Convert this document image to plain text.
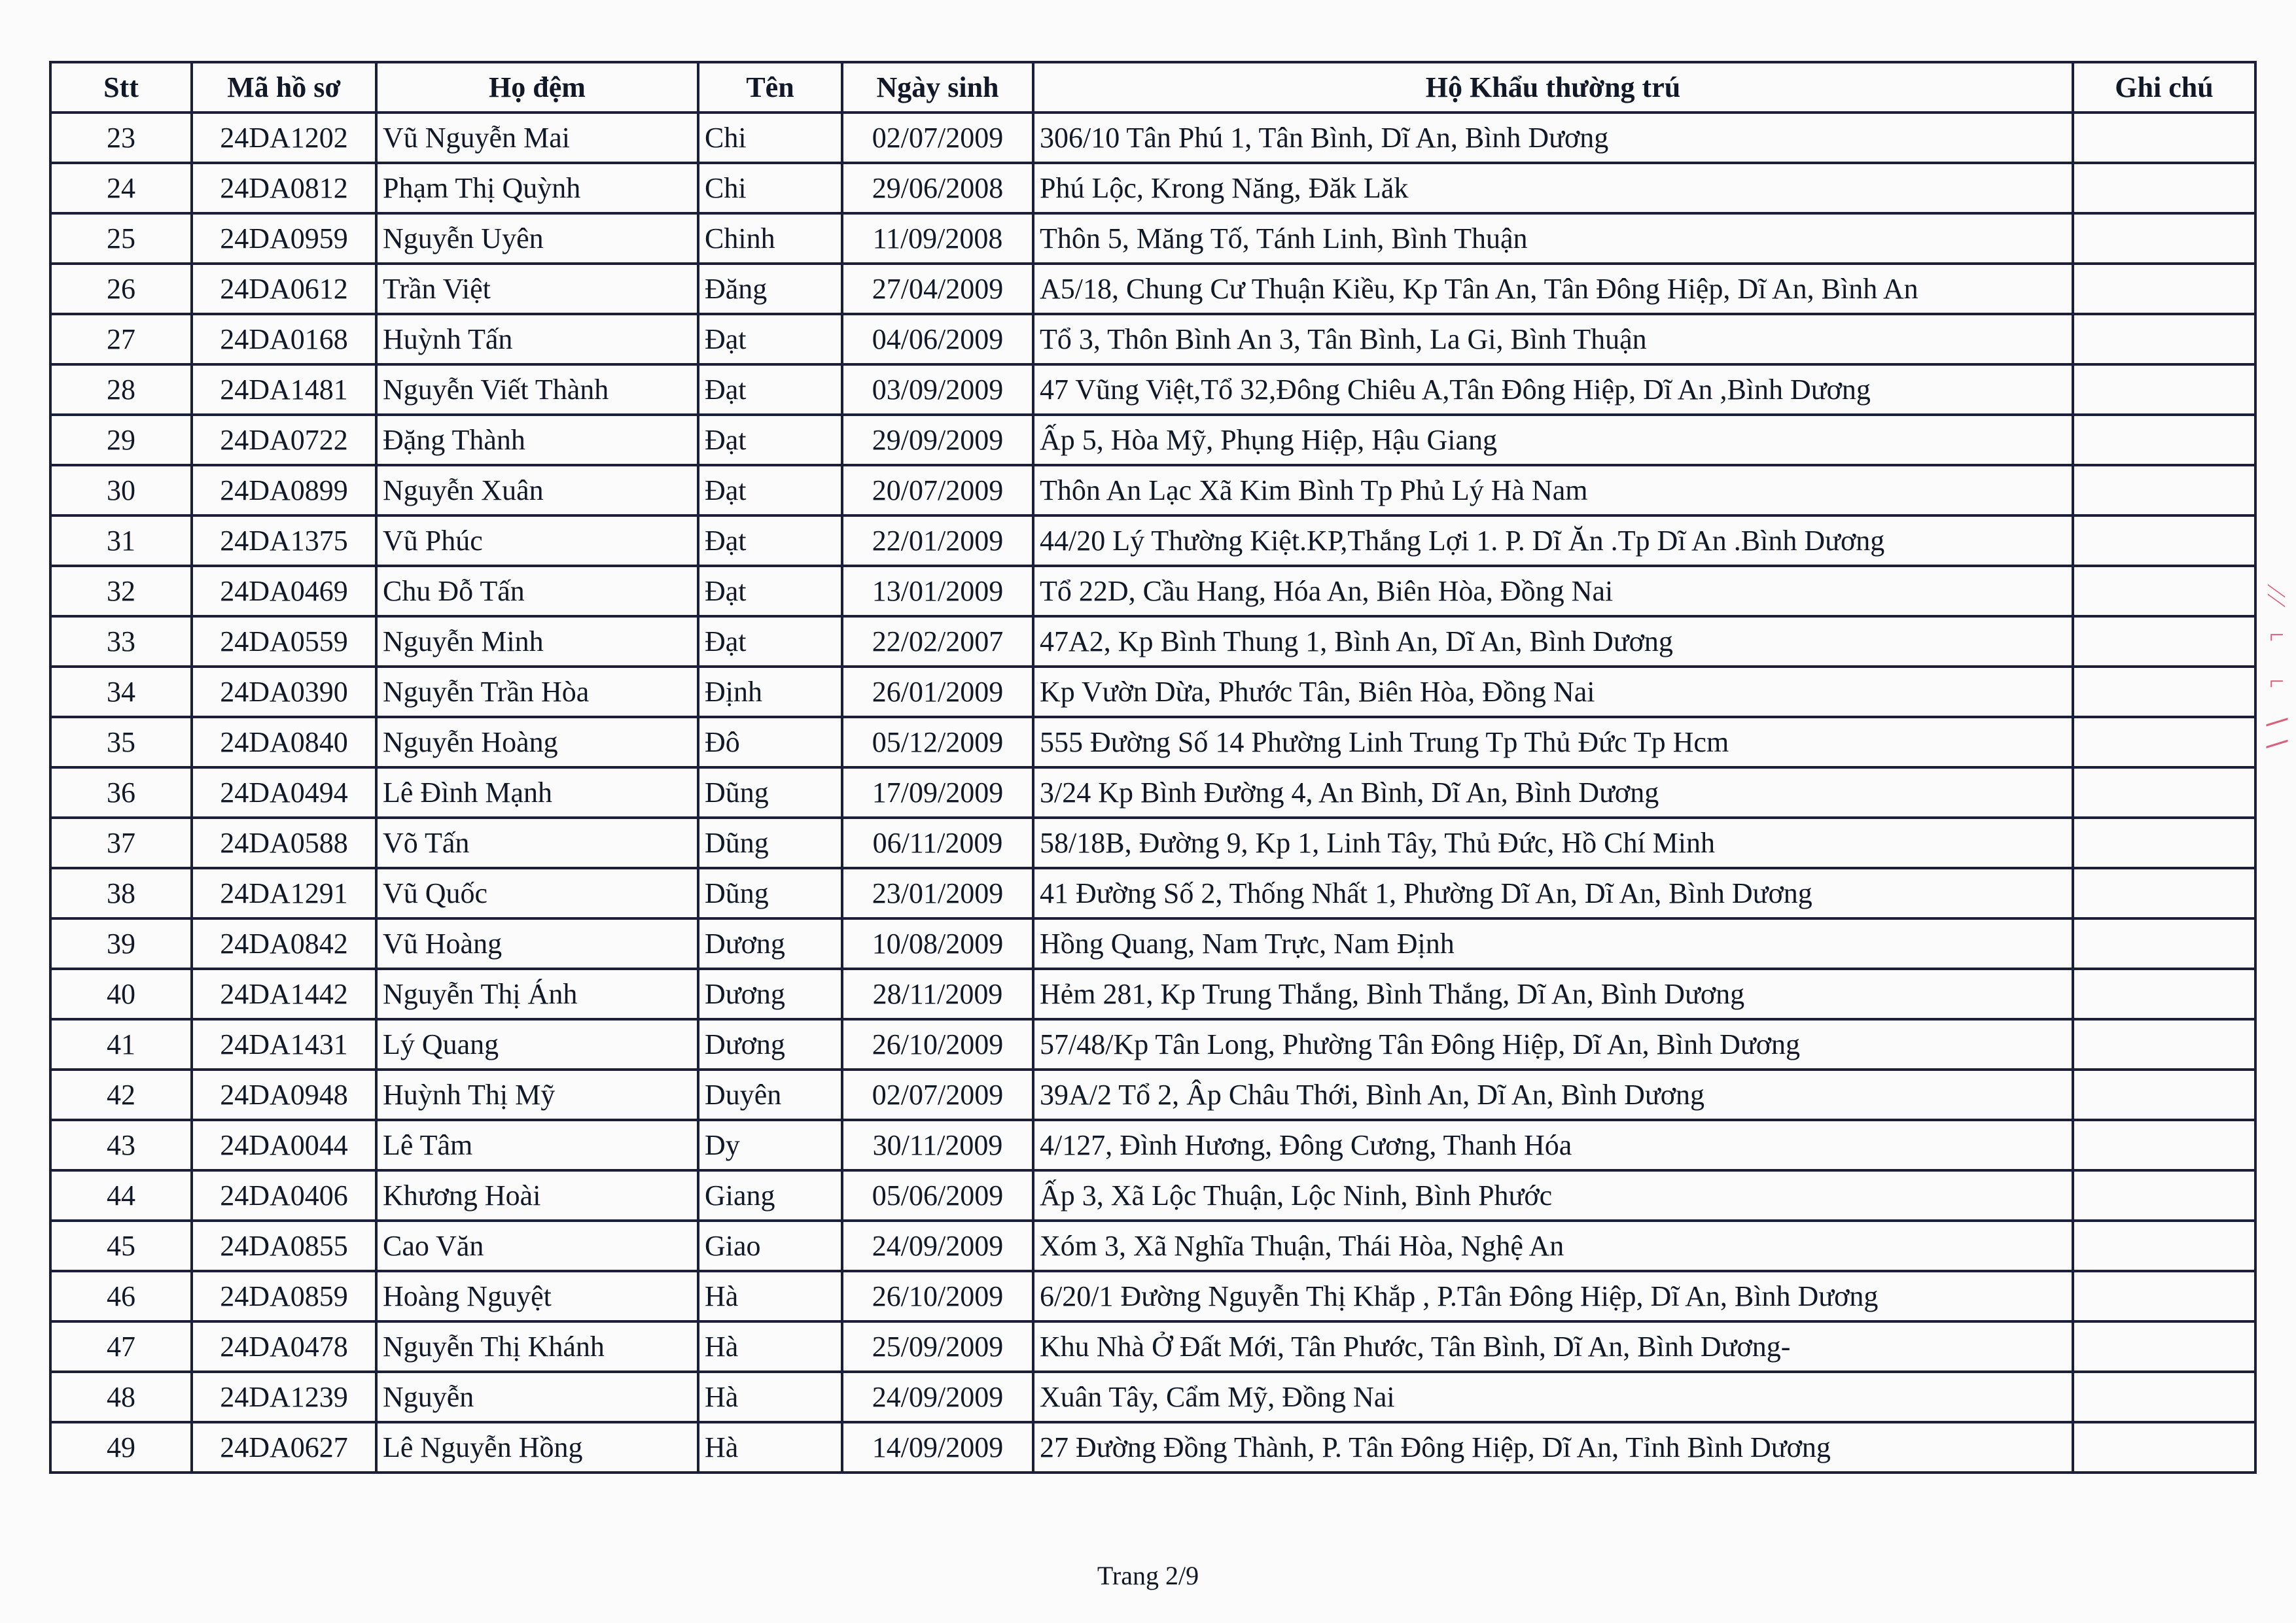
Stt	Mã hồ sơ	Họ đệm	Tên	Ngày sinh	Hộ Khẩu thường trú	Ghi chú
23	24DA1202	Vũ Nguyễn Mai	Chi	02/07/2009	306/10 Tân Phú 1, Tân Bình, Dĩ An, Bình Dương	
24	24DA0812	Phạm Thị Quỳnh	Chi	29/06/2008	Phú Lộc, Krong Năng, Đăk Lăk	
25	24DA0959	Nguyễn Uyên	Chinh	11/09/2008	Thôn 5, Măng Tố, Tánh Linh, Bình Thuận	
26	24DA0612	Trần Việt	Đăng	27/04/2009	A5/18, Chung Cư Thuận Kiều, Kp Tân An, Tân Đông Hiệp, Dĩ An, Bình An	
27	24DA0168	Huỳnh Tấn	Đạt	04/06/2009	Tổ 3, Thôn Bình An 3, Tân Bình, La Gi, Bình Thuận	
28	24DA1481	Nguyễn Viết Thành	Đạt	03/09/2009	47 Vũng Việt,Tổ 32,Đông Chiêu A,Tân Đông Hiệp, Dĩ An ,Bình Dương	
29	24DA0722	Đặng Thành	Đạt	29/09/2009	Ấp 5, Hòa Mỹ, Phụng Hiệp, Hậu Giang	
30	24DA0899	Nguyễn Xuân	Đạt	20/07/2009	Thôn An Lạc Xã Kim Bình Tp Phủ Lý Hà Nam	
31	24DA1375	Vũ Phúc	Đạt	22/01/2009	44/20 Lý Thường Kiệt.KP,Thắng Lợi 1. P. Dĩ Ăn .Tp Dĩ An .Bình Dương	
32	24DA0469	Chu Đỗ Tấn	Đạt	13/01/2009	Tổ 22D, Cầu Hang, Hóa An, Biên Hòa, Đồng Nai	
33	24DA0559	Nguyễn Minh	Đạt	22/02/2007	47A2, Kp Bình Thung 1, Bình An, Dĩ An, Bình Dương	
34	24DA0390	Nguyễn Trần Hòa	Định	26/01/2009	Kp Vườn Dừa, Phước Tân, Biên Hòa, Đồng Nai	
35	24DA0840	Nguyễn Hoàng	Đô	05/12/2009	555 Đường Số 14 Phường Linh Trung Tp Thủ Đức Tp Hcm	
36	24DA0494	Lê Đình Mạnh	Dũng	17/09/2009	3/24 Kp Bình Đường 4, An Bình, Dĩ An, Bình Dương	
37	24DA0588	Võ Tấn	Dũng	06/11/2009	58/18B, Đường 9, Kp 1, Linh Tây, Thủ Đức, Hồ Chí Minh	
38	24DA1291	Vũ Quốc	Dũng	23/01/2009	41 Đường Số 2, Thống Nhất 1, Phường Dĩ An, Dĩ An, Bình Dương	
39	24DA0842	Vũ Hoàng	Dương	10/08/2009	Hồng Quang, Nam Trực, Nam Định	
40	24DA1442	Nguyễn Thị Ánh	Dương	28/11/2009	Hẻm 281, Kp Trung Thắng, Bình Thắng, Dĩ An, Bình Dương	
41	24DA1431	Lý Quang	Dương	26/10/2009	57/48/Kp Tân Long, Phường Tân Đông Hiệp, Dĩ An, Bình Dương	
42	24DA0948	Huỳnh Thị Mỹ	Duyên	02/07/2009	39A/2 Tổ 2, Âp Châu Thới, Bình An, Dĩ An, Bình Dương	
43	24DA0044	Lê Tâm	Dy	30/11/2009	4/127, Đình Hương, Đông Cương, Thanh Hóa	
44	24DA0406	Khương Hoài	Giang	05/06/2009	Ấp 3, Xã Lộc Thuận, Lộc Ninh, Bình Phước	
45	24DA0855	Cao Văn	Giao	24/09/2009	Xóm 3, Xã Nghĩa Thuận, Thái Hòa, Nghệ An	
46	24DA0859	Hoàng Nguyệt	Hà	26/10/2009	6/20/1 Đường Nguyễn Thị Khắp , P.Tân Đông Hiệp, Dĩ An, Bình Dương	
47	24DA0478	Nguyễn Thị Khánh	Hà	25/09/2009	Khu Nhà Ở Đất Mới, Tân Phước, Tân Bình, Dĩ An, Bình Dương-	
48	24DA1239	Nguyễn	Hà	24/09/2009	Xuân Tây, Cẩm Mỹ, Đồng Nai	
49	24DA0627	Lê Nguyễn Hồng	Hà	14/09/2009	27 Đường Đồng Thành, P. Tân Đông Hiệp, Dĩ An, Tỉnh Bình Dương	
Trang 2/9
∕∕ ⌐ ⌐ ∖∖
